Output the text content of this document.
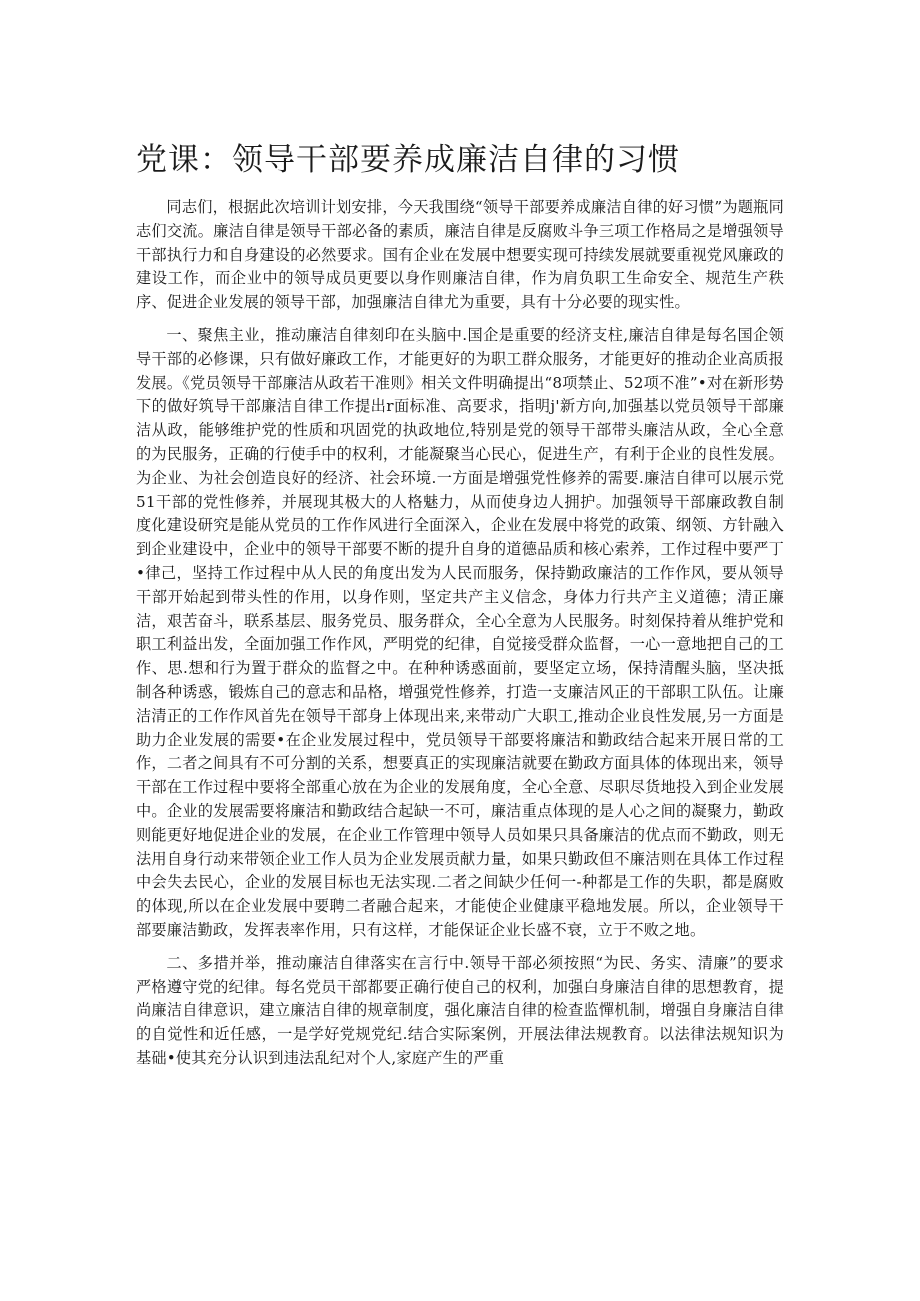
党课：领导干部要养成廉洁自律的习惯

同志们，根据此次培训计划安排，今天我围绕“领导干部要养成廉洁自律的好习惯”为题瓶同志们交流。廉洁自律是领导干部必备的素质，廉洁自律是反腐败斗争三项工作格局之是增强领导干部执行力和自身建设的必然要求。国有企业在发展中想要实现可持续发展就要重视党风廉政的建设工作，而企业中的领导成员更要以身作则廉洁自律，作为肩负职工生命安全、规范生产秩序、促进企业发展的领导干部，加强廉洁自律尤为重要，具有十分必要的现实性。

一、聚焦主业，推动廉洁自律刻印在头脑中.国企是重要的经济支柱,廉洁自律是每名国企领导干部的必修课，只有做好廉政工作，才能更好的为职工群众服务，才能更好的推动企业高质报发展。《党员领导干部廉洁从政若干准则》相关文件明确提出“8项禁止、52项不准”•对在新形势下的做好筑导干部廉洁自律工作提出r面标准、高要求，指明j'新方向,加强基以党员领导干部廉洁从政，能够维护党的性质和巩固党的执政地位,特别是党的领导干部带头廉洁从政，全心全意的为民服务，正确的行使手中的权利，才能凝聚当心民心，促进生产，有利于企业的良性发展。为企业、为社会创造良好的经济、社会环境.一方面是增强党性修养的需要.廉洁自律可以展示党51干部的党性修养，并展现其极大的人格魅力，从而使身边人拥护。加强领导干部廉政教自制度化建设研究是能从党员的工作作风进行全面深入，企业在发展中将党的政策、纲领、方针融入到企业建设中，企业中的领导干部要不断的提升自身的道德品质和核心索养，工作过程中要严丁•律己，坚持工作过程中从人民的角度出发为人民而服务，保持勤政廉洁的工作作风，要从领导干部开始起到带头性的作用，以身作则，坚定共产主义信念，身体力行共产主义道德；清正廉洁，艰苦奋斗，联系基层、服务党员、服务群众，全心全意为人民服务。时刻保持着从维护党和职工利益出发，全面加强工作作风，严明党的纪律，自觉接受群众监督，一心一意地把自己的工作、思.想和行为置于群众的监督之中。在种种诱惑面前，要坚定立场，保持清醒头脑，坚决抵制各种诱惑，锻炼自己的意志和品格，增强党性修养，打造一支廉洁风正的干部职工队伍。让廉洁清正的工作作风首先在领导干部身上体现出来,来带动广大职工,推动企业良性发展,另一方面是助力企业发展的需要•在企业发展过程中，党员领导干部要将廉洁和勤政结合起来开展日常的工作，二者之间具有不可分割的关系，想要真正的实现廉洁就要在勤政方面具体的体现出来，领导干部在工作过程中要将全部重心放在为企业的发展角度，全心全意、尽职尽货地投入到企业发展中。企业的发展需要将廉洁和勤政结合起缺一不可，廉洁重点体现的是人心之间的凝聚力，勤政则能更好地促进企业的发展，在企业工作管理中领导人员如果只具备廉洁的优点而不勤政，则无法用自身行动来带领企业工作人员为企业发展贡献力量，如果只勤政但不廉洁则在具体工作过程中会失去民心，企业的发展目标也无法实现.二者之间缺少任何一-种都是工作的失职，都是腐败的体现,所以在企业发展中要聘二者融合起来，才能使企业健康平稳地发展。所以，企业领导干部要廉洁勤政，发挥表率作用，只有这样，才能保证企业长盛不衰，立于不败之地。

二、多措并举，推动廉洁自律落实在言行中.领导干部必须按照“为民、务实、清廉”的要求严格遵守党的纪律。每名党员干部都要正确行使自己的权利，加强白身廉洁自律的思想教育，提尚廉洁自律意识，建立廉洁自律的规章制度，强化廉洁自律的检查监憚机制，增强自身廉洁自律的自觉性和近任感，一是学好党规党纪.结合实际案例，开展法律法规教育。以法律法规知识为基础•使其充分认识到违法乱纪对个人,家庭产生的严重
